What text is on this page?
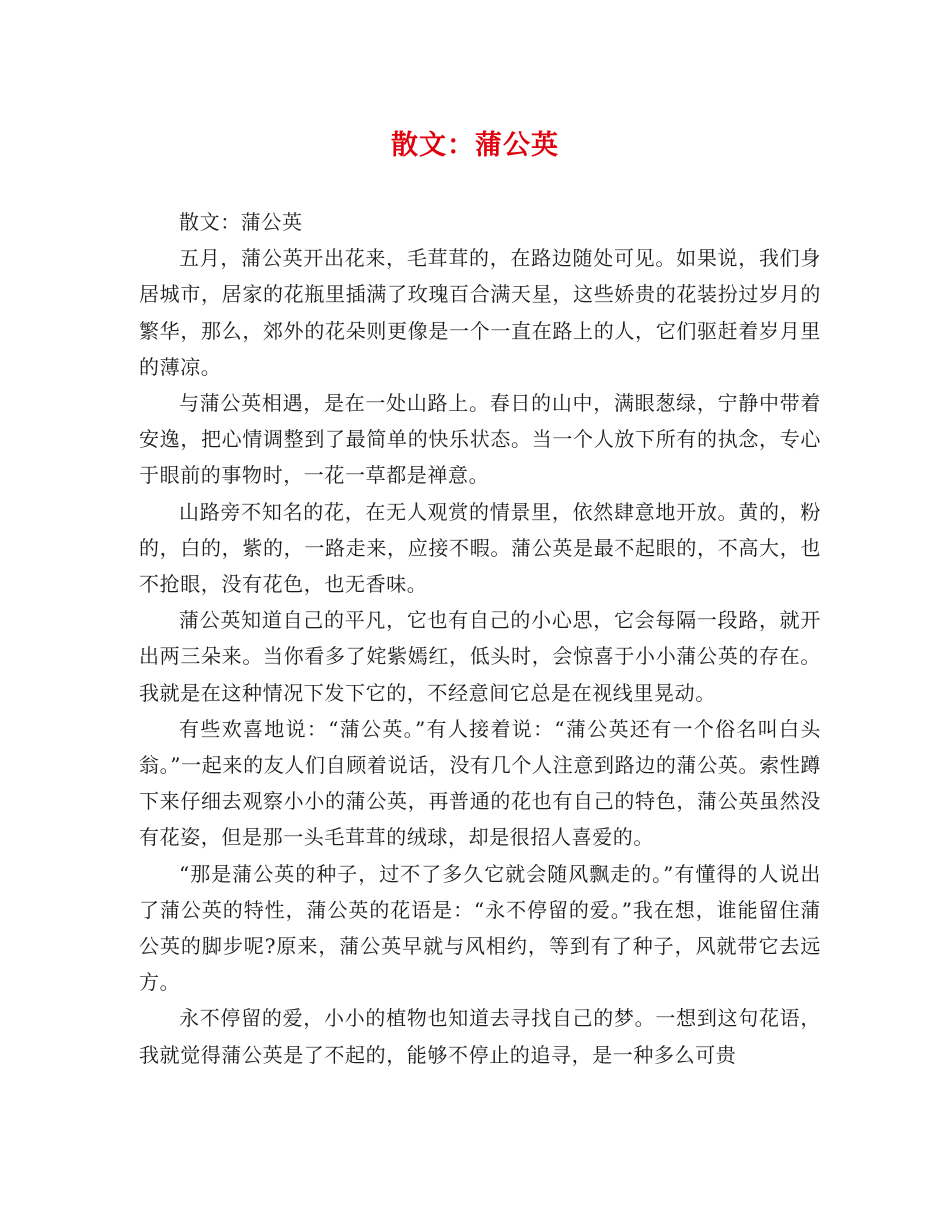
散文：蒲公英

散文：蒲公英

五月，蒲公英开出花来，毛茸茸的，在路边随处可见。如果说，我们身居城市，居家的花瓶里插满了玫瑰百合满天星，这些娇贵的花装扮过岁月的繁华，那么，郊外的花朵则更像是一个一直在路上的人，它们驱赶着岁月里的薄凉。

与蒲公英相遇，是在一处山路上。春日的山中，满眼葱绿，宁静中带着安逸，把心情调整到了最简单的快乐状态。当一个人放下所有的执念，专心于眼前的事物时，一花一草都是禅意。

山路旁不知名的花，在无人观赏的情景里，依然肆意地开放。黄的，粉的，白的，紫的，一路走来，应接不暇。蒲公英是最不起眼的，不高大，也不抢眼，没有花色，也无香味。

蒲公英知道自己的平凡，它也有自己的小心思，它会每隔一段路，就开出两三朵来。当你看多了姹紫嫣红，低头时，会惊喜于小小蒲公英的存在。我就是在这种情况下发下它的，不经意间它总是在视线里晃动。

有些欢喜地说：“蒲公英。”有人接着说：“蒲公英还有一个俗名叫白头翁。”一起来的友人们自顾着说话，没有几个人注意到路边的蒲公英。索性蹲下来仔细去观察小小的蒲公英，再普通的花也有自己的特色，蒲公英虽然没有花姿，但是那一头毛茸茸的绒球，却是很招人喜爱的。

“那是蒲公英的种子，过不了多久它就会随风飘走的。”有懂得的人说出了蒲公英的特性，蒲公英的花语是：“永不停留的爱。”我在想，谁能留住蒲公英的脚步呢?原来，蒲公英早就与风相约，等到有了种子，风就带它去远方。

永不停留的爱，小小的植物也知道去寻找自己的梦。一想到这句花语，我就觉得蒲公英是了不起的，能够不停止的追寻，是一种多么可贵
